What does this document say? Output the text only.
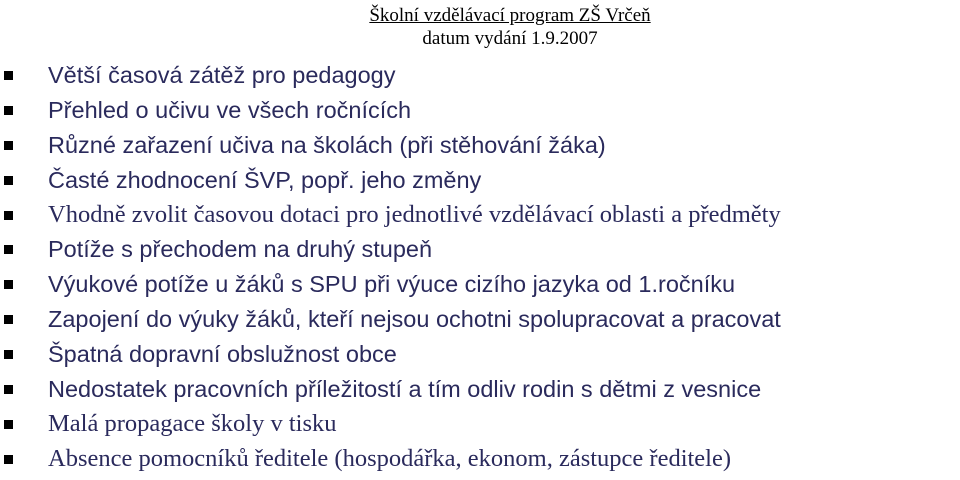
Školní vzdělávací program ZŠ Vrčeň
datum vydání 1.9.2007
Větší časová zátěž pro pedagogy
Přehled o učivu ve všech ročnících
Různé zařazení učiva na školách (při stěhování žáka)
Časté zhodnocení ŠVP, popř. jeho změny
Vhodně zvolit časovou dotaci pro jednotlivé vzdělávací oblasti a předměty
Potíže s přechodem na druhý stupeň
Výukové potíže u žáků s SPU při výuce cizího jazyka od 1.ročníku
Zapojení do výuky žáků, kteří nejsou ochotni spolupracovat a pracovat
Špatná dopravní obslužnost obce
Nedostatek pracovních příležitostí a tím odliv rodin s dětmi z vesnice
Malá propagace školy v tisku
Absence pomocníků ředitele (hospodářka, ekonom, zástupce ředitele)
